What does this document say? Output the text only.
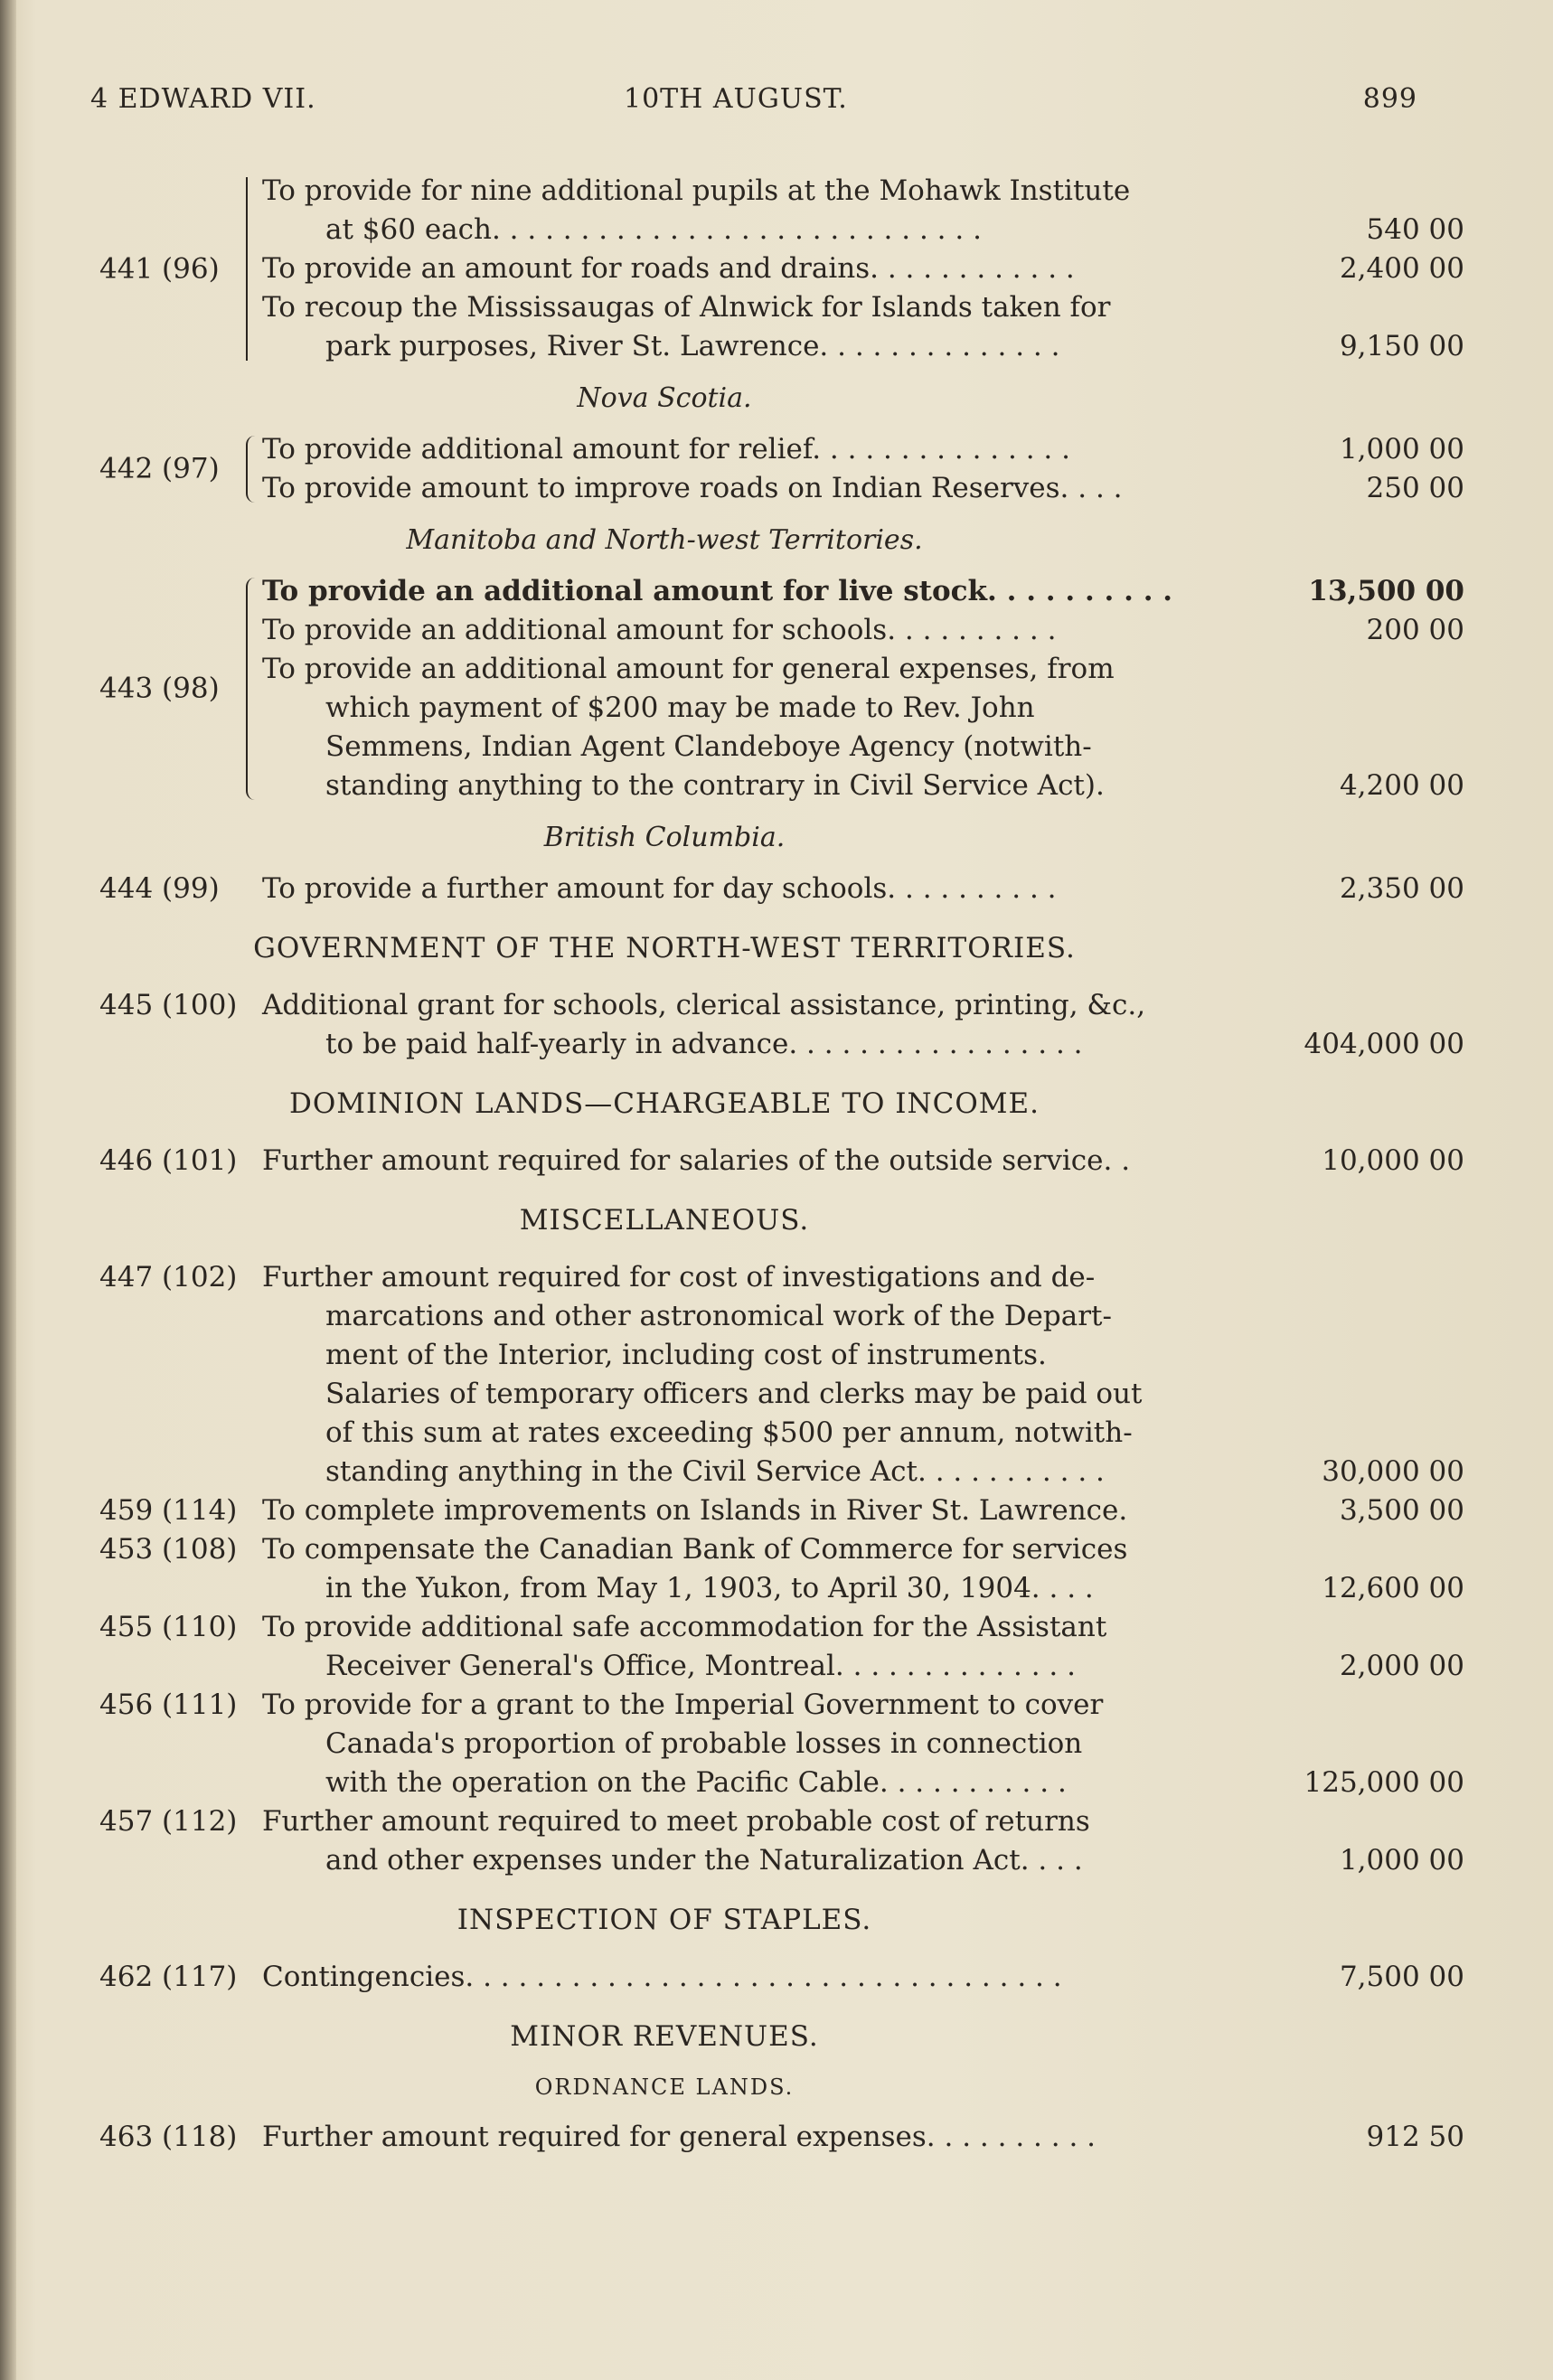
4 EDWARD VII.	10TH AUGUST.	899
441 (96)
To provide for nine additional pupils at the Mohawk Institute
at $60 each. . . . . . . . . . . . . . . . . . . . . . . . . . . .	540 00
To provide an amount for roads and drains. . . . . . . . . . . .	2,400 00
To recoup the Mississaugas of Alnwick for Islands taken for
park purposes, River St. Lawrence. . . . . . . . . . . . . .	9,150 00
Nova Scotia.
442 (97)
To provide additional amount for relief. . . . . . . . . . . . . . .	1,000 00
To provide amount to improve roads on Indian Reserves. . . .	250 00
Manitoba and North-west Territories.
443 (98)
To provide an additional amount for live stock. . . . . . . . . .	13,500 00
To provide an additional amount for schools. . . . . . . . . .	200 00
To provide an additional amount for general expenses, from
which payment of $200 may be made to Rev. John
Semmens, Indian Agent Clandeboye Agency (notwith-
standing anything to the contrary in Civil Service Act).	4,200 00
British Columbia.
444 (99)	To provide a further amount for day schools. . . . . . . . . .	2,350 00
GOVERNMENT OF THE NORTH-WEST TERRITORIES.
445 (100) Additional grant for schools, clerical assistance, printing, &c.,
to be paid half-yearly in advance. . . . . . . . . . . . . . . . .	404,000 00
DOMINION LANDS—CHARGEABLE TO INCOME.
446 (101) Further amount required for salaries of the outside service. .	10,000 00
MISCELLANEOUS.
447 (102) Further amount required for cost of investigations and de-
marcations and other astronomical work of the Depart-
ment of the Interior, including cost of instruments.
Salaries of temporary officers and clerks may be paid out
of this sum at rates exceeding $500 per annum, notwith-
standing anything in the Civil Service Act. . . . . . . . . . .	30,000 00
459 (114) To complete improvements on Islands in River St. Lawrence.	3,500 00
453 (108) To compensate the Canadian Bank of Commerce for services
in the Yukon, from May 1, 1903, to April 30, 1904. . . .	12,600 00
455 (110) To provide additional safe accommodation for the Assistant
Receiver General's Office, Montreal. . . . . . . . . . . . . .	2,000 00
456 (111) To provide for a grant to the Imperial Government to cover
Canada's proportion of probable losses in connection
with the operation on the Pacific Cable. . . . . . . . . . .	125,000 00
457 (112) Further amount required to meet probable cost of returns
and other expenses under the Naturalization Act. . . .	1,000 00
INSPECTION OF STAPLES.
462 (117) Contingencies. . . . . . . . . . . . . . . . . . . . . . . . . . . . . . . . . .	7,500 00
MINOR REVENUES.
ORDNANCE LANDS.
463 (118) Further amount required for general expenses. . . . . . . . . .	912 50
